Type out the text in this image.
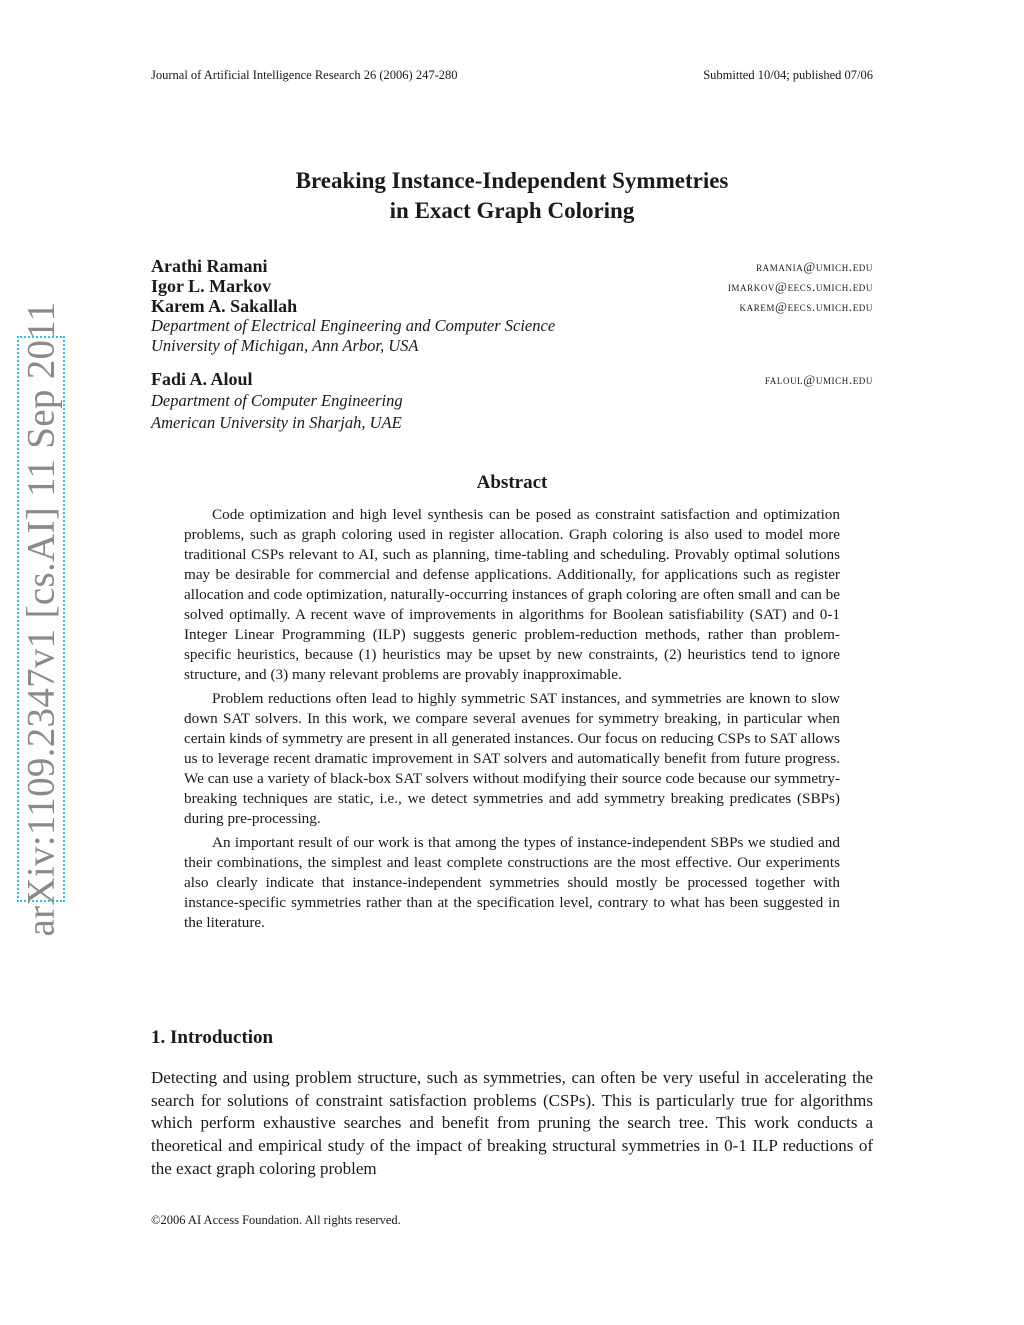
Journal of Artificial Intelligence Research 26 (2006) 247-280	Submitted 10/04; published 07/06
arXiv:1109.2347v1 [cs.AI] 11 Sep 2011
Breaking Instance-Independent Symmetries
in Exact Graph Coloring
Arathi Ramani	ramania@umich.edu
Igor L. Markov	imarkov@eecs.umich.edu
Karem A. Sakallah	karem@eecs.umich.edu
Department of Electrical Engineering and Computer Science
University of Michigan, Ann Arbor, USA
Fadi A. Aloul	faloul@umich.edu
Department of Computer Engineering
American University in Sharjah, UAE
Abstract

Code optimization and high level synthesis can be posed as constraint satisfaction and optimization problems, such as graph coloring used in register allocation. Graph coloring is also used to model more traditional CSPs relevant to AI, such as planning, time-tabling and scheduling. Provably optimal solutions may be desirable for commercial and defense applications. Additionally, for applications such as register allocation and code optimization, naturally-occurring instances of graph coloring are often small and can be solved optimally. A recent wave of improvements in algorithms for Boolean satisfiability (SAT) and 0-1 Integer Linear Programming (ILP) suggests generic problem-reduction methods, rather than problem-specific heuristics, because (1) heuristics may be upset by new constraints, (2) heuristics tend to ignore structure, and (3) many relevant problems are provably inapproximable.

Problem reductions often lead to highly symmetric SAT instances, and symmetries are known to slow down SAT solvers. In this work, we compare several avenues for symmetry breaking, in particular when certain kinds of symmetry are present in all generated instances. Our focus on reducing CSPs to SAT allows us to leverage recent dramatic improvement in SAT solvers and automatically benefit from future progress. We can use a variety of black-box SAT solvers without modifying their source code because our symmetry-breaking techniques are static, i.e., we detect symmetries and add symmetry breaking predicates (SBPs) during pre-processing.

An important result of our work is that among the types of instance-independent SBPs we studied and their combinations, the simplest and least complete constructions are the most effective. Our experiments also clearly indicate that instance-independent symmetries should mostly be processed together with instance-specific symmetries rather than at the specification level, contrary to what has been suggested in the literature.

1. Introduction

Detecting and using problem structure, such as symmetries, can often be very useful in accelerating the search for solutions of constraint satisfaction problems (CSPs). This is particularly true for algorithms which perform exhaustive searches and benefit from pruning the search tree. This work conducts a theoretical and empirical study of the impact of breaking structural symmetries in 0-1 ILP reductions of the exact graph coloring problem

©2006 AI Access Foundation. All rights reserved.
